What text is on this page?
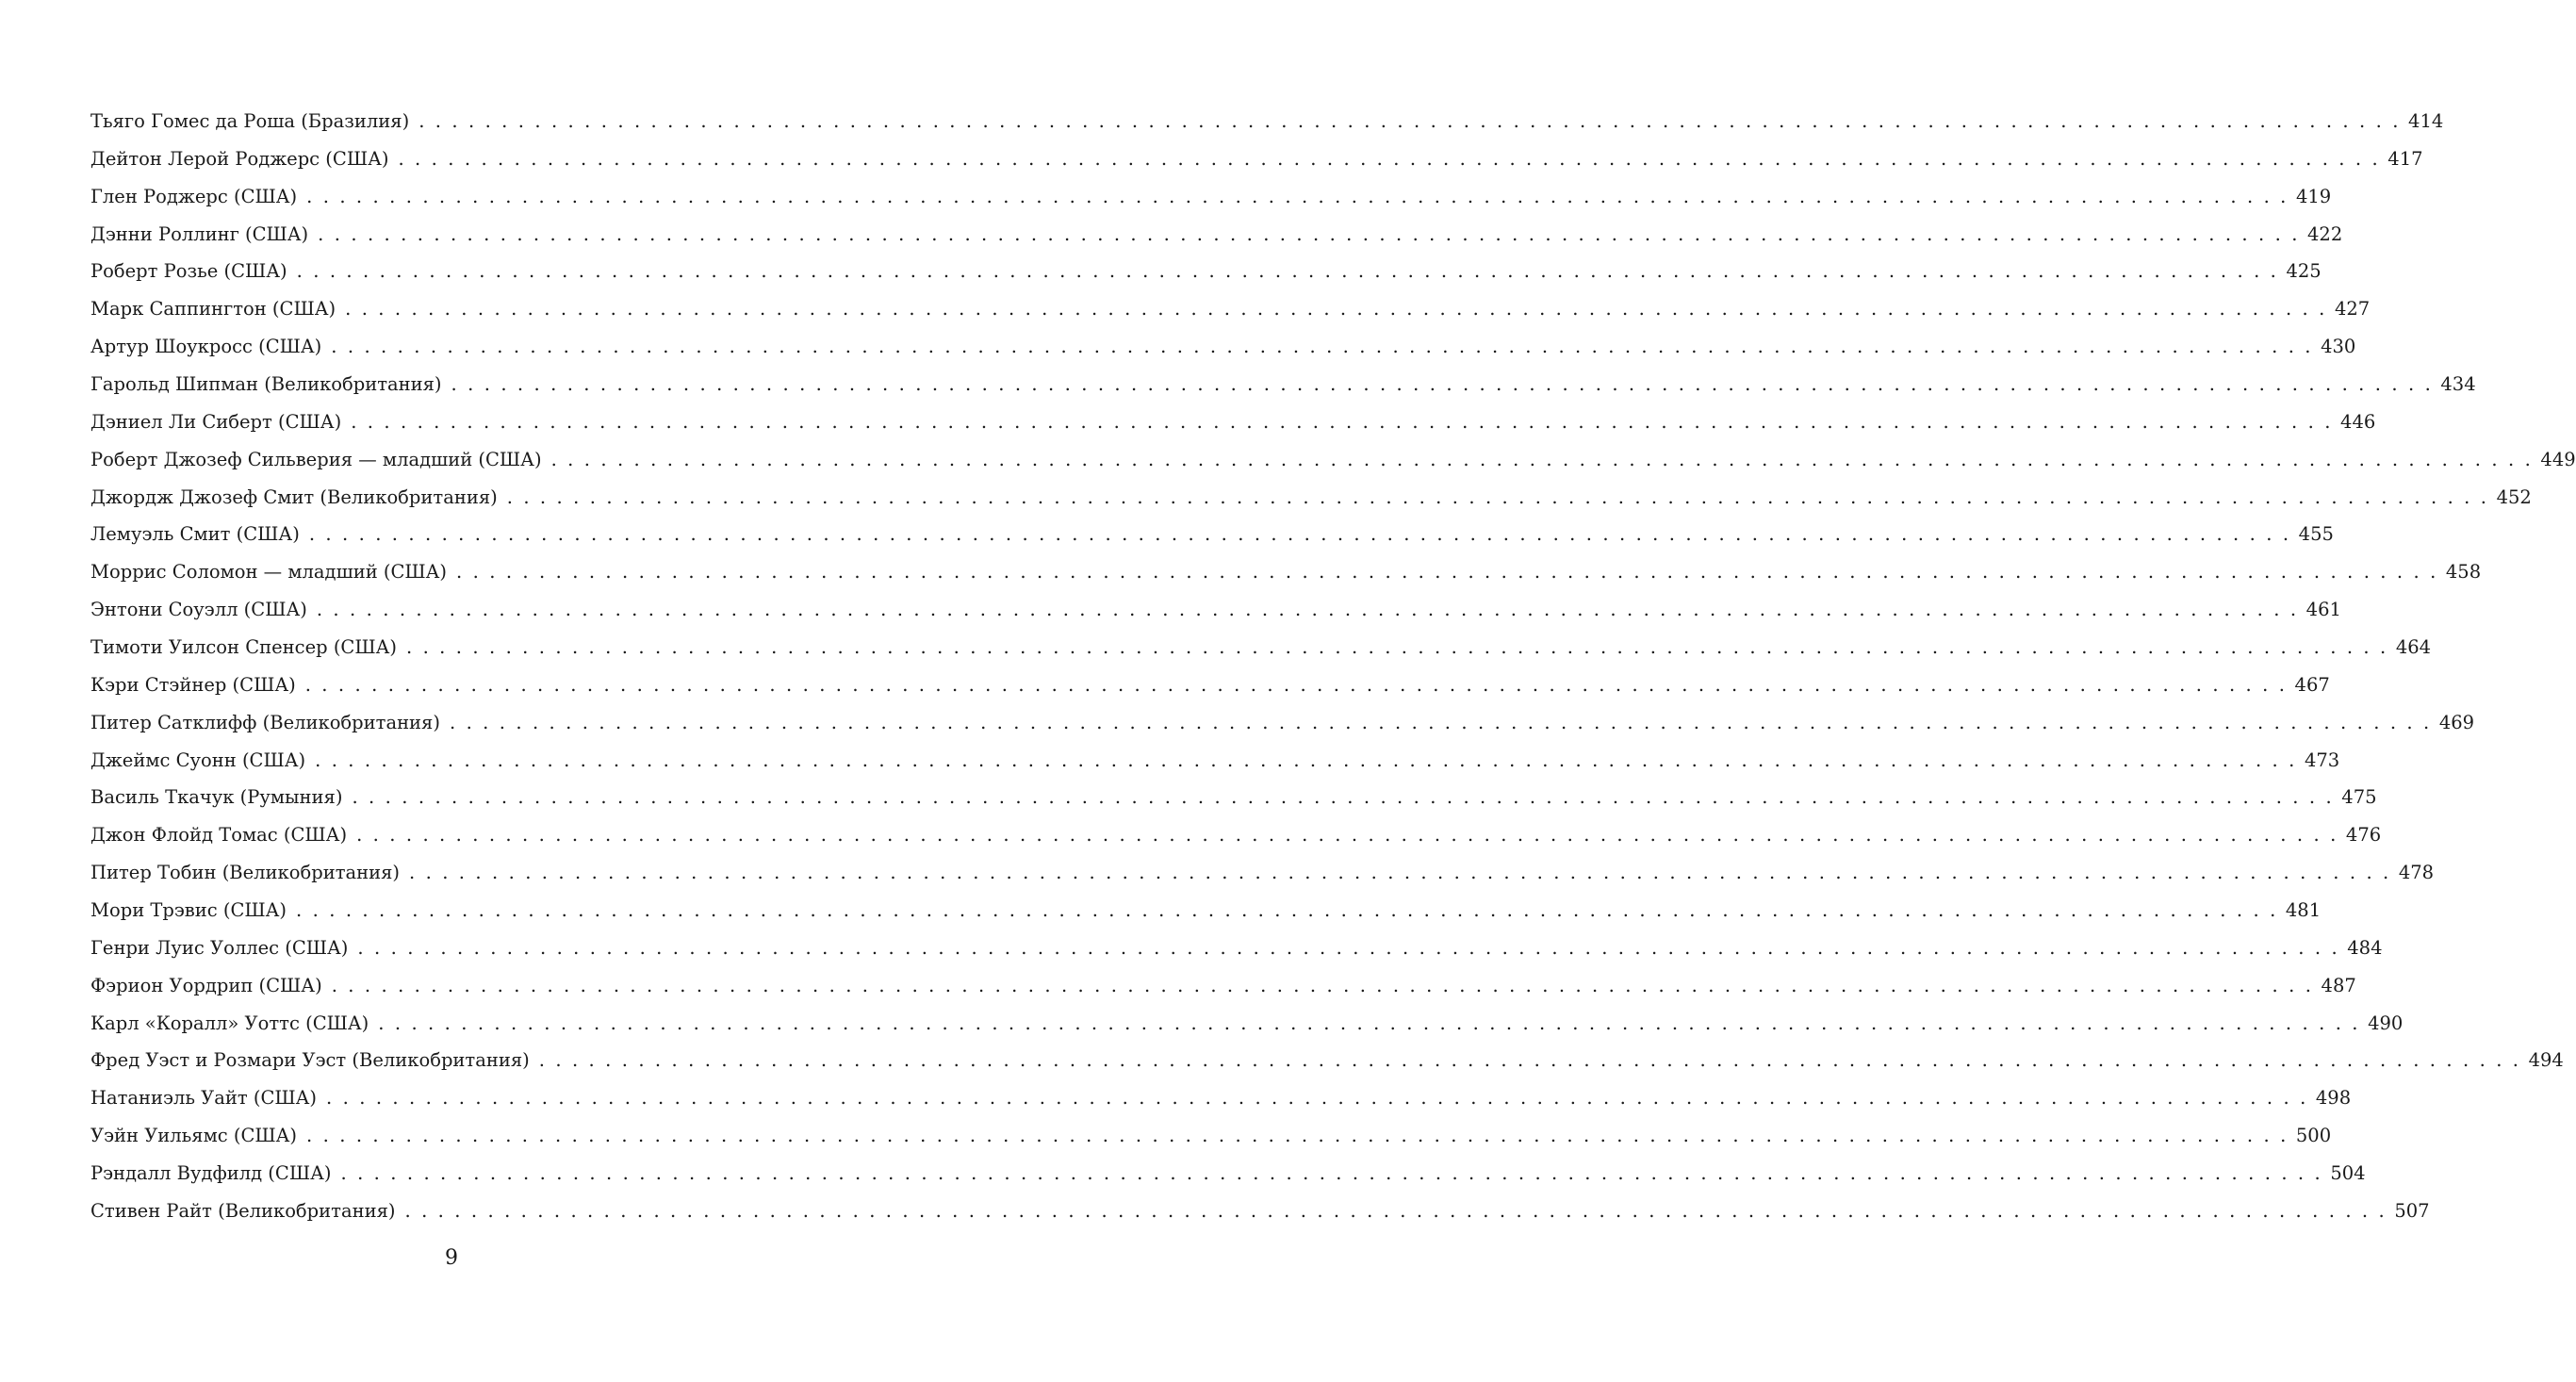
Тьяго Гомес да Роша (Бразилия) . . . . . . . . . . . . . . . . . . . . . . . . . . . . . . . . . . . . . . . . . . . . . . . . . . . . . . . . . . . . . . . . . . . . . . . . . . . . . . . . . . . . . . . . . . . . . . . . . . . . . . . . . . . . . . . . . . . . . . . . 414
Дейтон Лерой Роджерс (США) . . . . . . . . . . . . . . . . . . . . . . . . . . . . . . . . . . . . . . . . . . . . . . . . . . . . . . . . . . . . . . . . . . . . . . . . . . . . . . . . . . . . . . . . . . . . . . . . . . . . . . . . . . . . . . . . . . . . . . . . 417
Глен Роджерс (США) . . . . . . . . . . . . . . . . . . . . . . . . . . . . . . . . . . . . . . . . . . . . . . . . . . . . . . . . . . . . . . . . . . . . . . . . . . . . . . . . . . . . . . . . . . . . . . . . . . . . . . . . . . . . . . . . . . . . . . . . 419
Дэнни Роллинг (США) . . . . . . . . . . . . . . . . . . . . . . . . . . . . . . . . . . . . . . . . . . . . . . . . . . . . . . . . . . . . . . . . . . . . . . . . . . . . . . . . . . . . . . . . . . . . . . . . . . . . . . . . . . . . . . . . . . . . . . . . 422
Роберт Розье (США) . . . . . . . . . . . . . . . . . . . . . . . . . . . . . . . . . . . . . . . . . . . . . . . . . . . . . . . . . . . . . . . . . . . . . . . . . . . . . . . . . . . . . . . . . . . . . . . . . . . . . . . . . . . . . . . . . . . . . . . . 425
Марк Саппингтон (США) . . . . . . . . . . . . . . . . . . . . . . . . . . . . . . . . . . . . . . . . . . . . . . . . . . . . . . . . . . . . . . . . . . . . . . . . . . . . . . . . . . . . . . . . . . . . . . . . . . . . . . . . . . . . . . . . . . . . . . . . 427
Артур Шоукросс (США) . . . . . . . . . . . . . . . . . . . . . . . . . . . . . . . . . . . . . . . . . . . . . . . . . . . . . . . . . . . . . . . . . . . . . . . . . . . . . . . . . . . . . . . . . . . . . . . . . . . . . . . . . . . . . . . . . . . . . . . . 430
Гарольд Шипман (Великобритания) . . . . . . . . . . . . . . . . . . . . . . . . . . . . . . . . . . . . . . . . . . . . . . . . . . . . . . . . . . . . . . . . . . . . . . . . . . . . . . . . . . . . . . . . . . . . . . . . . . . . . . . . . . . . . . . . . . . . . . . . 434
Дэниел Ли Сиберт (США) . . . . . . . . . . . . . . . . . . . . . . . . . . . . . . . . . . . . . . . . . . . . . . . . . . . . . . . . . . . . . . . . . . . . . . . . . . . . . . . . . . . . . . . . . . . . . . . . . . . . . . . . . . . . . . . . . . . . . . . . 446
Роберт Джозеф Сильверия — младший (США) . . . . . . . . . . . . . . . . . . . . . . . . . . . . . . . . . . . . . . . . . . . . . . . . . . . . . . . . . . . . . . . . . . . . . . . . . . . . . . . . . . . . . . . . . . . . . . . . . . . . . . . . . . . . . . . . . . . . . . . . 449
Джордж Джозеф Смит (Великобритания) . . . . . . . . . . . . . . . . . . . . . . . . . . . . . . . . . . . . . . . . . . . . . . . . . . . . . . . . . . . . . . . . . . . . . . . . . . . . . . . . . . . . . . . . . . . . . . . . . . . . . . . . . . . . . . . . . . . . . . . . 452
Лемуэль Смит (США) . . . . . . . . . . . . . . . . . . . . . . . . . . . . . . . . . . . . . . . . . . . . . . . . . . . . . . . . . . . . . . . . . . . . . . . . . . . . . . . . . . . . . . . . . . . . . . . . . . . . . . . . . . . . . . . . . . . . . . . . 455
Моррис Соломон — младший (США) . . . . . . . . . . . . . . . . . . . . . . . . . . . . . . . . . . . . . . . . . . . . . . . . . . . . . . . . . . . . . . . . . . . . . . . . . . . . . . . . . . . . . . . . . . . . . . . . . . . . . . . . . . . . . . . . . . . . . . . . 458
Энтони Соуэлл (США) . . . . . . . . . . . . . . . . . . . . . . . . . . . . . . . . . . . . . . . . . . . . . . . . . . . . . . . . . . . . . . . . . . . . . . . . . . . . . . . . . . . . . . . . . . . . . . . . . . . . . . . . . . . . . . . . . . . . . . . . 461
Тимоти Уилсон Спенсер (США) . . . . . . . . . . . . . . . . . . . . . . . . . . . . . . . . . . . . . . . . . . . . . . . . . . . . . . . . . . . . . . . . . . . . . . . . . . . . . . . . . . . . . . . . . . . . . . . . . . . . . . . . . . . . . . . . . . . . . . . . 464
Кэри Стэйнер (США) . . . . . . . . . . . . . . . . . . . . . . . . . . . . . . . . . . . . . . . . . . . . . . . . . . . . . . . . . . . . . . . . . . . . . . . . . . . . . . . . . . . . . . . . . . . . . . . . . . . . . . . . . . . . . . . . . . . . . . . . 467
Питер Сатклифф (Великобритания) . . . . . . . . . . . . . . . . . . . . . . . . . . . . . . . . . . . . . . . . . . . . . . . . . . . . . . . . . . . . . . . . . . . . . . . . . . . . . . . . . . . . . . . . . . . . . . . . . . . . . . . . . . . . . . . . . . . . . . . . 469
Джеймс Суонн (США) . . . . . . . . . . . . . . . . . . . . . . . . . . . . . . . . . . . . . . . . . . . . . . . . . . . . . . . . . . . . . . . . . . . . . . . . . . . . . . . . . . . . . . . . . . . . . . . . . . . . . . . . . . . . . . . . . . . . . . . . 473
Василь Ткачук (Румыния) . . . . . . . . . . . . . . . . . . . . . . . . . . . . . . . . . . . . . . . . . . . . . . . . . . . . . . . . . . . . . . . . . . . . . . . . . . . . . . . . . . . . . . . . . . . . . . . . . . . . . . . . . . . . . . . . . . . . . . . . 475
Джон Флойд Томас (США) . . . . . . . . . . . . . . . . . . . . . . . . . . . . . . . . . . . . . . . . . . . . . . . . . . . . . . . . . . . . . . . . . . . . . . . . . . . . . . . . . . . . . . . . . . . . . . . . . . . . . . . . . . . . . . . . . . . . . . . . 476
Питер Тобин (Великобритания) . . . . . . . . . . . . . . . . . . . . . . . . . . . . . . . . . . . . . . . . . . . . . . . . . . . . . . . . . . . . . . . . . . . . . . . . . . . . . . . . . . . . . . . . . . . . . . . . . . . . . . . . . . . . . . . . . . . . . . . . 478
Мори Трэвис (США) . . . . . . . . . . . . . . . . . . . . . . . . . . . . . . . . . . . . . . . . . . . . . . . . . . . . . . . . . . . . . . . . . . . . . . . . . . . . . . . . . . . . . . . . . . . . . . . . . . . . . . . . . . . . . . . . . . . . . . . . 481
Генри Луис Уоллес (США) . . . . . . . . . . . . . . . . . . . . . . . . . . . . . . . . . . . . . . . . . . . . . . . . . . . . . . . . . . . . . . . . . . . . . . . . . . . . . . . . . . . . . . . . . . . . . . . . . . . . . . . . . . . . . . . . . . . . . . . . 484
Фэрион Уордрип (США) . . . . . . . . . . . . . . . . . . . . . . . . . . . . . . . . . . . . . . . . . . . . . . . . . . . . . . . . . . . . . . . . . . . . . . . . . . . . . . . . . . . . . . . . . . . . . . . . . . . . . . . . . . . . . . . . . . . . . . . . 487
Карл «Коралл» Уоттс (США) . . . . . . . . . . . . . . . . . . . . . . . . . . . . . . . . . . . . . . . . . . . . . . . . . . . . . . . . . . . . . . . . . . . . . . . . . . . . . . . . . . . . . . . . . . . . . . . . . . . . . . . . . . . . . . . . . . . . . . . . 490
Фред Уэст и Розмари Уэст (Великобритания) . . . . . . . . . . . . . . . . . . . . . . . . . . . . . . . . . . . . . . . . . . . . . . . . . . . . . . . . . . . . . . . . . . . . . . . . . . . . . . . . . . . . . . . . . . . . . . . . . . . . . . . . . . . . . . . . . . . . . . . . 494
Натаниэль Уайт (США) . . . . . . . . . . . . . . . . . . . . . . . . . . . . . . . . . . . . . . . . . . . . . . . . . . . . . . . . . . . . . . . . . . . . . . . . . . . . . . . . . . . . . . . . . . . . . . . . . . . . . . . . . . . . . . . . . . . . . . . . 498
Уэйн Уильямс (США) . . . . . . . . . . . . . . . . . . . . . . . . . . . . . . . . . . . . . . . . . . . . . . . . . . . . . . . . . . . . . . . . . . . . . . . . . . . . . . . . . . . . . . . . . . . . . . . . . . . . . . . . . . . . . . . . . . . . . . . . 500
Рэндалл Вудфилд (США) . . . . . . . . . . . . . . . . . . . . . . . . . . . . . . . . . . . . . . . . . . . . . . . . . . . . . . . . . . . . . . . . . . . . . . . . . . . . . . . . . . . . . . . . . . . . . . . . . . . . . . . . . . . . . . . . . . . . . . . . 504
Стивен Райт (Великобритания) . . . . . . . . . . . . . . . . . . . . . . . . . . . . . . . . . . . . . . . . . . . . . . . . . . . . . . . . . . . . . . . . . . . . . . . . . . . . . . . . . . . . . . . . . . . . . . . . . . . . . . . . . . . . . . . . . . . . . . . . 507
9
